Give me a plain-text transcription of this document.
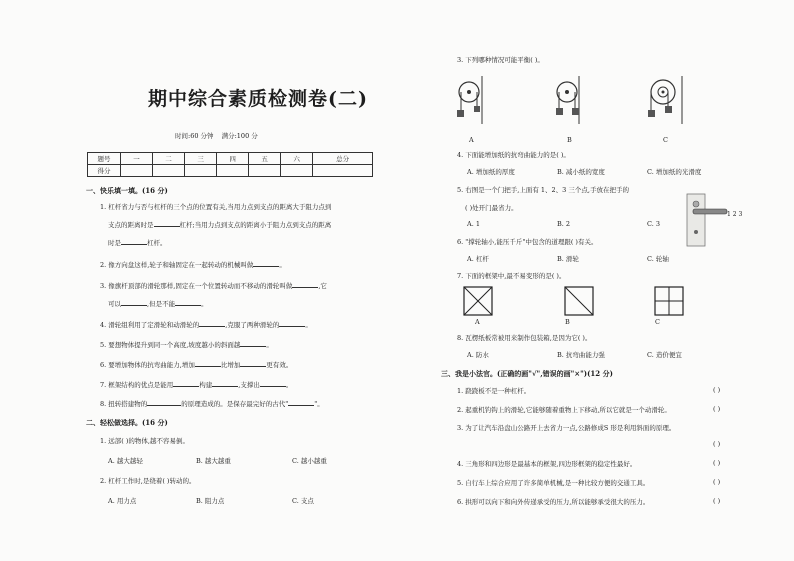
期中综合素质检测卷(二)
时间:60 分钟 满分:100 分
题号	一	二	三	四	五	六	总分
得分							
一、快乐填一填。(16 分)
1. 杠杆省力与否与杠杆的三个点的位置有关,当用力点到支点的距离大于阻力点到
支点的距离时是	杠杆;当用力点到支点的距离小于阻力点到支点的距离
时是	杠杆。
2. 像方向盘这样,轮子和轴固定在一起转动的机械叫做	。
3. 像旗杆顶部的滑轮那样,固定在一个位置转动而不移动的滑轮叫做	,它
可以	,但是不能	。
4. 滑轮组利用了定滑轮和动滑轮的	,克服了两种滑轮的	。
5. 要想物体提升到同一个高度,坡度越小的斜面越	。
6. 要增加物体的抗弯曲能力,增加	比增加	更有效。
7. 框架结构的优点是能用	构建	,支撑出	。
8. 扭转搭建物的	的原理造成的。是保存最完好的古代"	"。
二、轻松做选择。(16 分)
1. 远部( )的物体,越不容易倒。
A. 越大越轻	B. 越大越重	C. 越小越重
2. 杠杆工作时,是绕着( )转动的。
A. 用力点	B. 阻力点	C. 支点
3. 下列哪种情况可能平衡( )。
A	B	C
4. 下面能增加纸的抗弯曲能力的是( )。
A. 增加纸的厚度	B. 减小纸的宽度	C. 增加纸的光滑度
5. 右图是一个门把手,上面有 1、2、3 三个点,手放在把手的
( )处开门最省力。
A. 1	B. 2	C. 3
1 2 3
6. "撑轮轴小,能压千斤"中包含的道理跟( )有关。
A. 杠杆	B. 滑轮	C. 轮轴
7. 下面的框架中,最不易变形的是( )。
A	B	C
8. 瓦楞纸板常被用来制作包装箱,是因为它( )。
A. 防水	B. 抗弯曲能力强	C. 造价便宜
三、我是小法官。(正确的画"√",错误的画"×")(12 分)
1. 跷跷板不是一种杠杆。	( )
2. 起重机钓钩上的滑轮,它能够随着重物上下移动,所以它就是一个动滑轮。	( )
3. 为了让汽车沿盘山公路开上去省力一点,公路修成S 形是利用斜面的原理。
( )
4. 三角形和四边形是最基本的框架,四边形框架的稳定性最好。	( )
5. 自行车上综合应用了许多简单机械,是一种比较方便的交通工具。	( )
6. 拱形可以向下和向外传递承受的压力,所以能够承受很大的压力。	( )
